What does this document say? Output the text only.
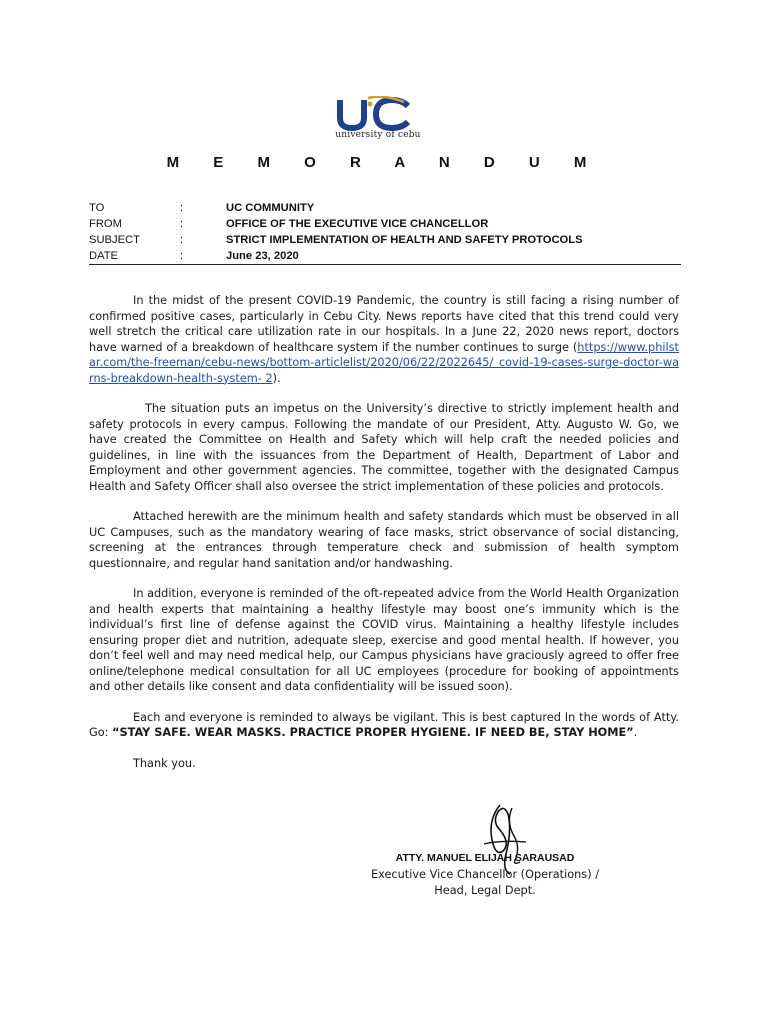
university of cebu
M E M O R A N D U M
TO	:	UC COMMUNITY
FROM	:	OFFICE OF THE EXECUTIVE VICE CHANCELLOR
SUBJECT	:	STRICT IMPLEMENTATION OF HEALTH AND SAFETY PROTOCOLS
DATE	:	June 23, 2020

In the midst of the present COVID-19 Pandemic, the country is still facing a rising number of confirmed positive cases, particularly in Cebu City. News reports have cited that this trend could very well stretch the critical care utilization rate in our hospitals. In a June 22, 2020 news report, doctors have warned of a breakdown of healthcare system if the number continues to surge (https://www.philstar.com/the-freeman/cebu-news/bottom-articlelist/2020/06/22/2022645/ covid-19-cases-surge-doctor-warns-breakdown-health-system- 2).

The situation puts an impetus on the University’s directive to strictly implement health and safety protocols in every campus. Following the mandate of our President, Atty. Augusto W. Go, we have created the Committee on Health and Safety which will help craft the needed policies and guidelines, in line with the issuances from the Department of Health, Department of Labor and Employment and other government agencies. The committee, together with the designated Campus Health and Safety Officer shall also oversee the strict implementation of these policies and protocols.

Attached herewith are the minimum health and safety standards which must be observed in all UC Campuses, such as the mandatory wearing of face masks, strict observance of social distancing, screening at the entrances through temperature check and submission of health symptom questionnaire, and regular hand sanitation and/or handwashing.

In addition, everyone is reminded of the oft-repeated advice from the World Health Organization and health experts that maintaining a healthy lifestyle may boost one’s immunity which is the individual’s first line of defense against the COVID virus. Maintaining a healthy lifestyle includes ensuring proper diet and nutrition, adequate sleep, exercise and good mental health. If however, you don’t feel well and may need medical help, our Campus physicians have graciously agreed to offer free online/telephone medical consultation for all UC employees (procedure for booking of appointments and other details like consent and data confidentiality will be issued soon).

Each and everyone is reminded to always be vigilant. This is best captured In the words of Atty. Go: “STAY SAFE. WEAR MASKS. PRACTICE PROPER HYGIENE. IF NEED BE, STAY HOME”.

Thank you.

ATTY. MANUEL ELIJAH SARAUSAD
Executive Vice Chancellor (Operations) /
Head, Legal Dept.
